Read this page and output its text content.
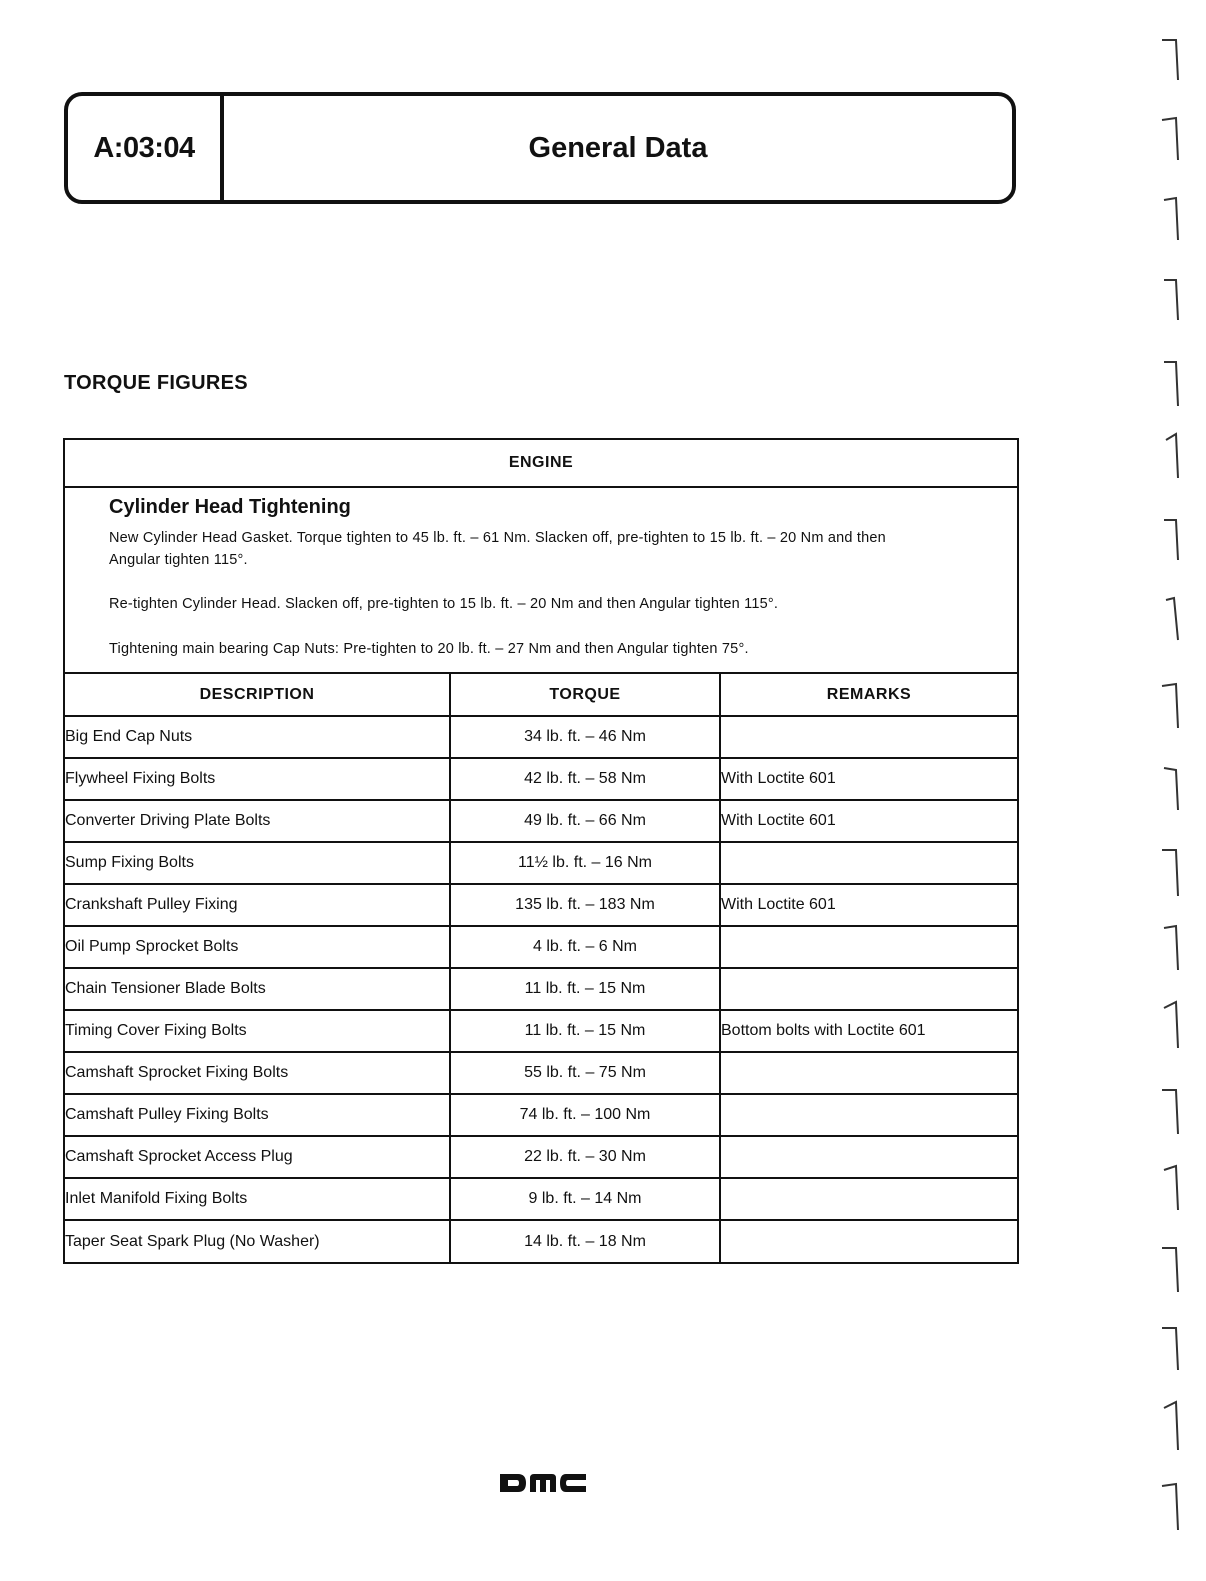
A:03:04	General Data
TORQUE FIGURES
ENGINE
Cylinder Head Tightening

New Cylinder Head Gasket. Torque tighten to 45 lb. ft. – 61 Nm. Slacken off, pre-tighten to 15 lb. ft. – 20 Nm and then Angular tighten 115°.

Re-tighten Cylinder Head. Slacken off, pre-tighten to 15 lb. ft. – 20 Nm and then Angular tighten 115°.

Tightening main bearing Cap Nuts: Pre-tighten to 20 lb. ft. – 27 Nm and then Angular tighten 75°.

DESCRIPTION	TORQUE	REMARKS
Big End Cap Nuts	34 lb. ft. – 46 Nm	
Flywheel Fixing Bolts	42 lb. ft. – 58 Nm	With Loctite 601
Converter Driving Plate Bolts	49 lb. ft. – 66 Nm	With Loctite 601
Sump Fixing Bolts	11½ lb. ft. – 16 Nm	
Crankshaft Pulley Fixing	135 lb. ft. – 183 Nm	With Loctite 601
Oil Pump Sprocket Bolts	4 lb. ft. – 6 Nm	
Chain Tensioner Blade Bolts	11 lb. ft. – 15 Nm	
Timing Cover Fixing Bolts	11 lb. ft. – 15 Nm	Bottom bolts with Loctite 601
Camshaft Sprocket Fixing Bolts	55 lb. ft. – 75 Nm	
Camshaft Pulley Fixing Bolts	74 lb. ft. – 100 Nm	
Camshaft Sprocket Access Plug	22 lb. ft. – 30 Nm	
Inlet Manifold Fixing Bolts	9 lb. ft. – 14 Nm	
Taper Seat Spark Plug (No Washer)	14 lb. ft. – 18 Nm	
